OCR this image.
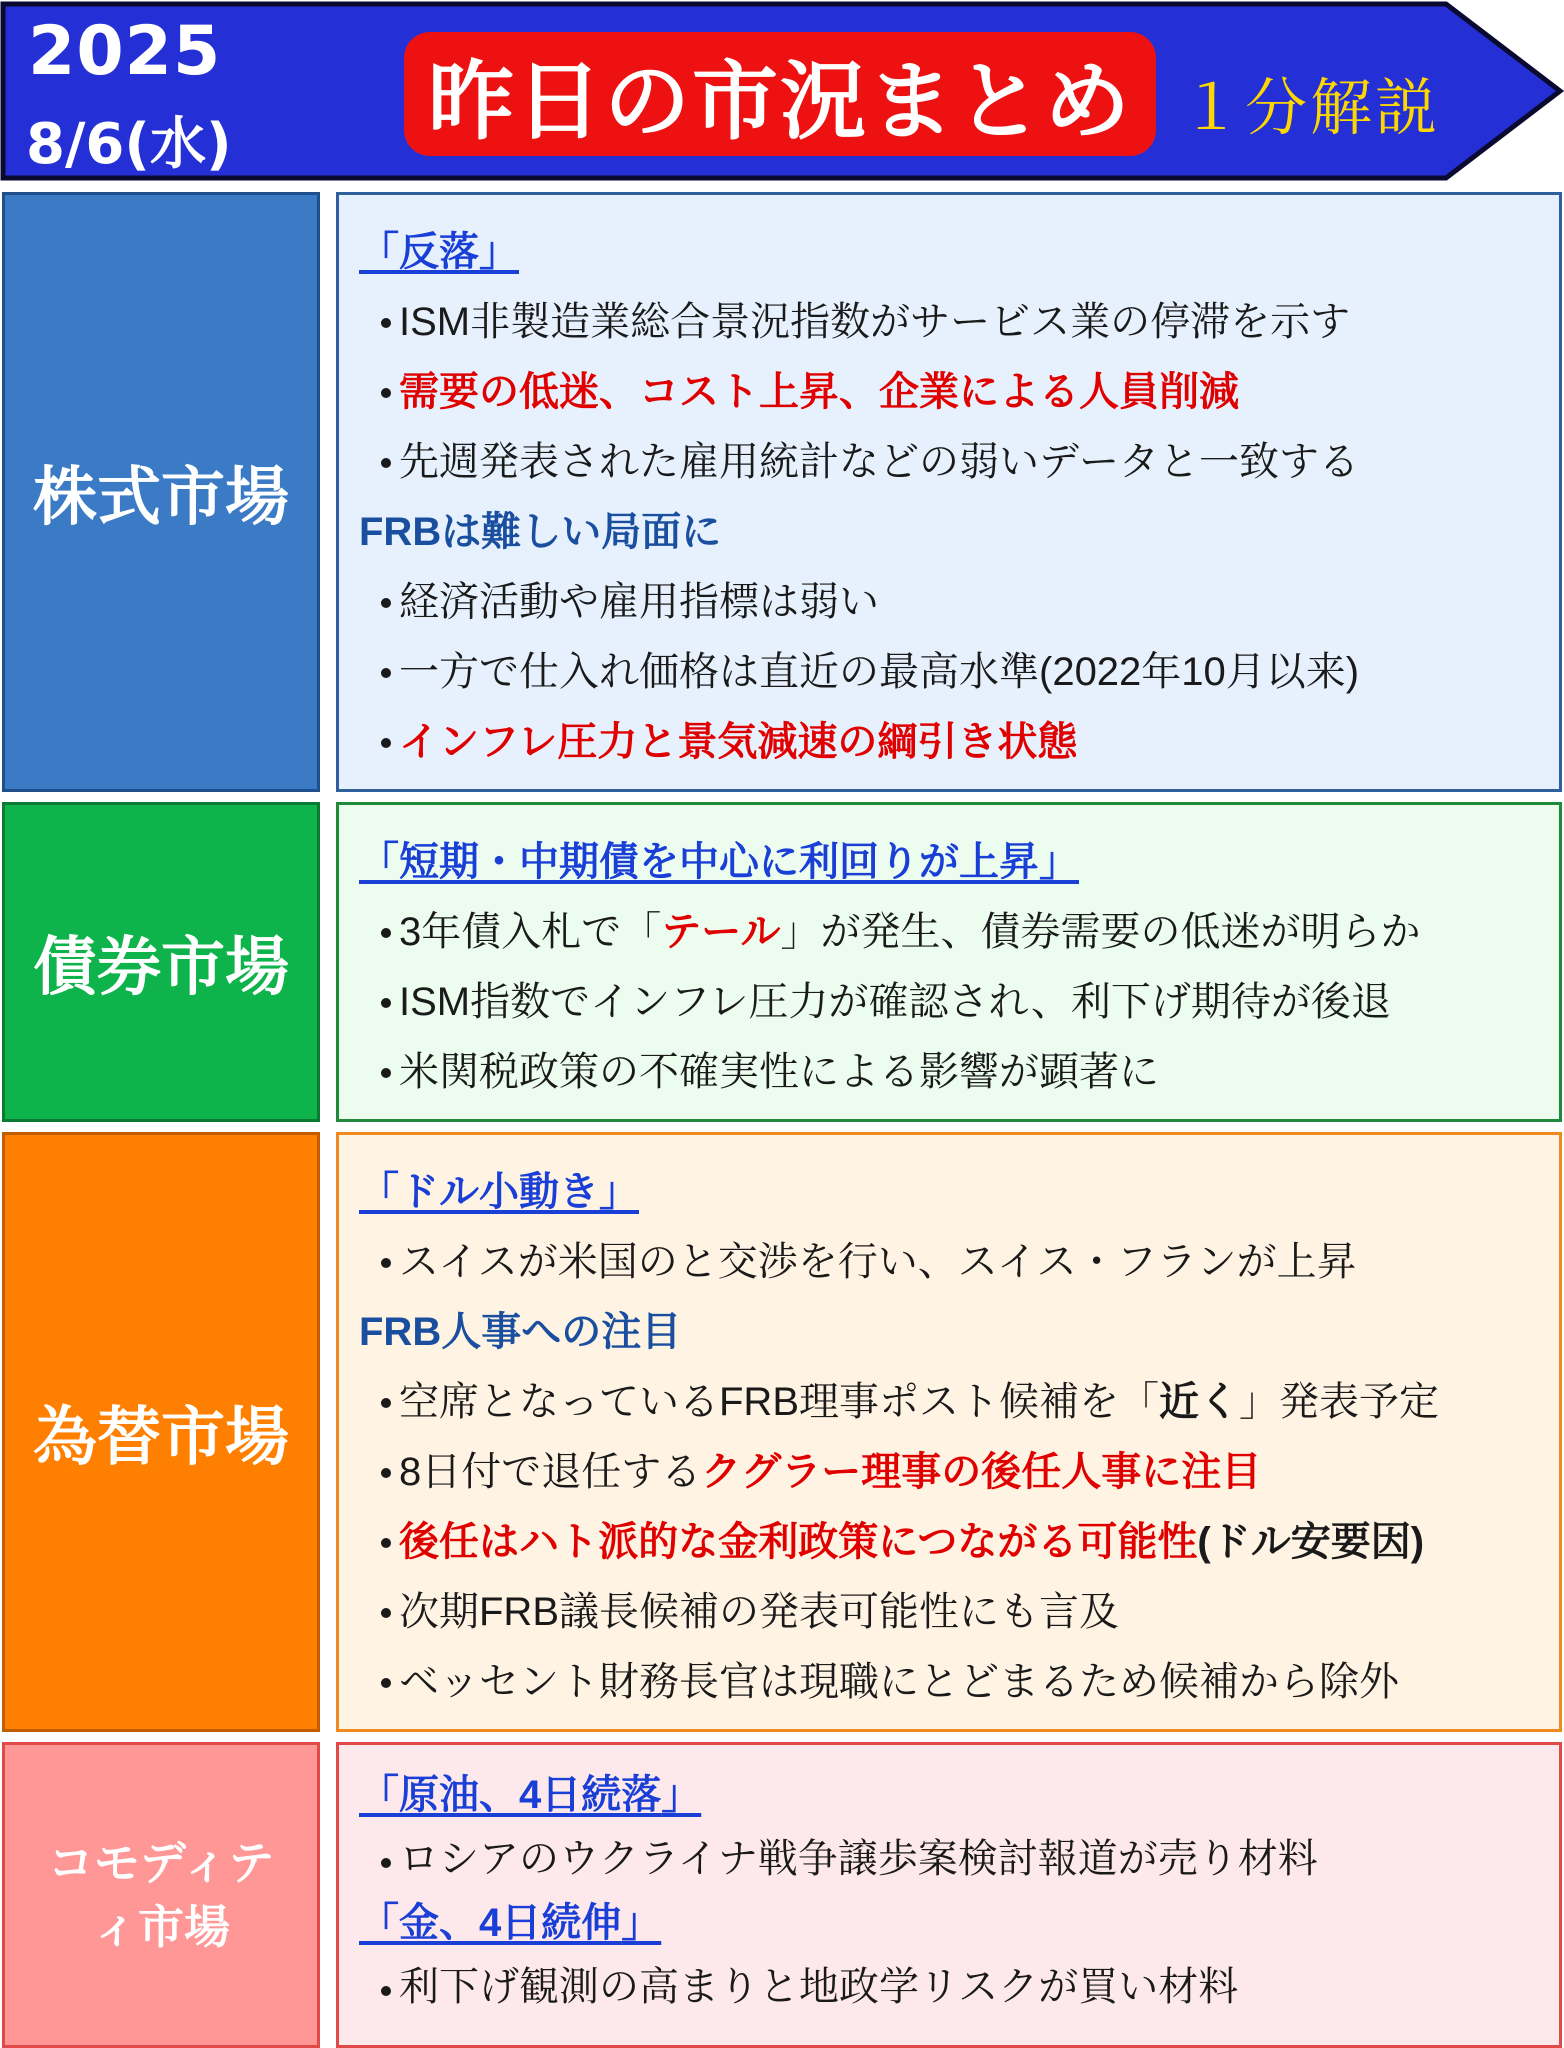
2025
8/6(水) 昨日の市況まとめ １分解説
株式市場
「反落」
ISM非製造業総合景況指数がサービス業の停滞を示す
需要の低迷、コスト上昇、企業による人員削減
先週発表された雇用統計などの弱いデータと一致する
FRBは難しい局面に
経済活動や雇用指標は弱い
一方で仕入れ価格は直近の最高水準(2022年10月以来)
インフレ圧力と景気減速の綱引き状態
債券市場
「短期・中期債を中心に利回りが上昇」
3年債入札で「テール」が発生、債券需要の低迷が明らか
ISM指数でインフレ圧力が確認され、利下げ期待が後退
米関税政策の不確実性による影響が顕著に
為替市場
「ドル小動き」
スイスが米国のと交渉を行い、スイス・フランが上昇
FRB人事への注目
空席となっているFRB理事ポスト候補を「近く」発表予定
8日付で退任するクグラー理事の後任人事に注目
後任はハト派的な金利政策につながる可能性(ドル安要因)
次期FRB議長候補の発表可能性にも言及
ベッセント財務長官は現職にとどまるため候補から除外
コモディテ
ィ市場
「原油、4日続落」
ロシアのウクライナ戦争譲歩案検討報道が売り材料
「金、4日続伸」
利下げ観測の高まりと地政学リスクが買い材料
